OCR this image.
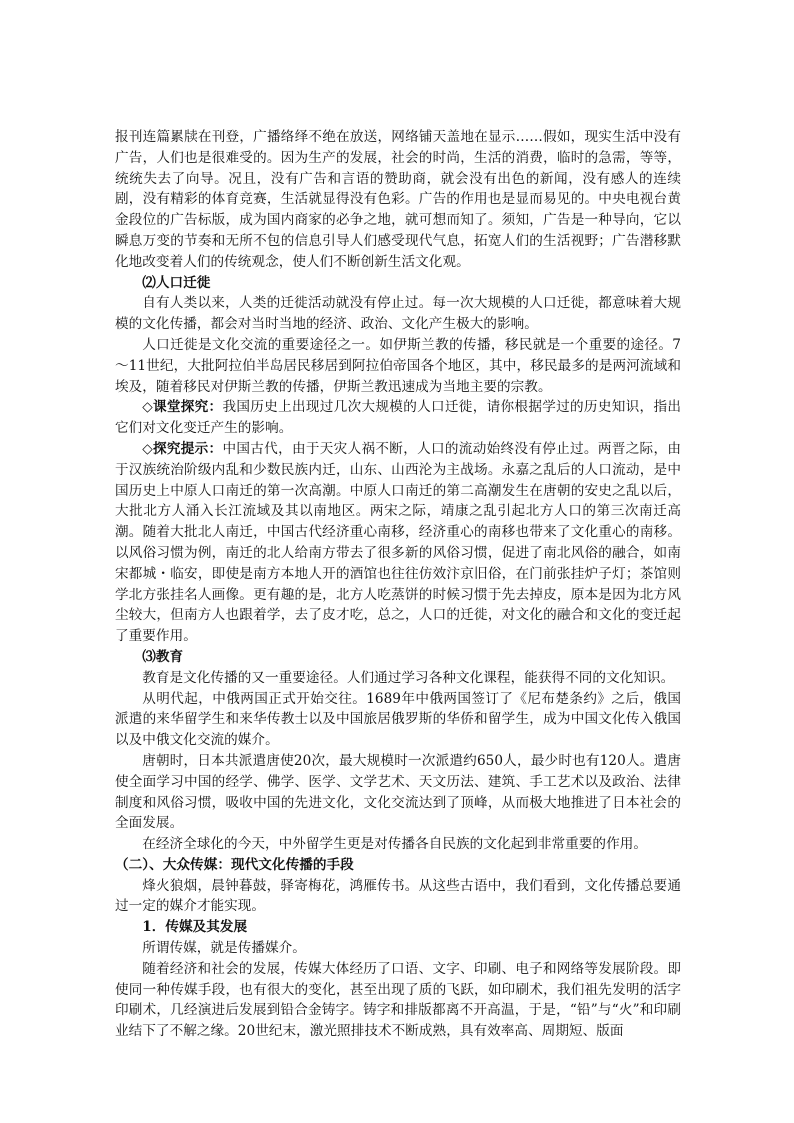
报刊连篇累牍在刊登，广播络绎不绝在放送，网络铺天盖地在显示……假如，现实生活中没有广告，人们也是很难受的。因为生产的发展，社会的时尚，生活的消费，临时的急需，等等，统统失去了向导。况且，没有广告和言语的赞助商，就会没有出色的新闻，没有感人的连续剧，没有精彩的体育竞赛，生活就显得没有色彩。广告的作用也是显而易见的。中央电视台黄金段位的广告标版，成为国内商家的必争之地，就可想而知了。须知，广告是一种导向，它以瞬息万变的节奏和无所不包的信息引导人们感受现代气息，拓宽人们的生活视野；广告潜移默化地改变着人们的传统观念，使人们不断创新生活文化观。

⑵人口迁徙

自有人类以来，人类的迁徙活动就没有停止过。每一次大规模的人口迁徙，都意味着大规模的文化传播，都会对当时当地的经济、政治、文化产生极大的影响。

人口迁徙是文化交流的重要途径之一。如伊斯兰教的传播，移民就是一个重要的途径。7～11世纪，大批阿拉伯半岛居民移居到阿拉伯帝国各个地区，其中，移民最多的是两河流域和埃及，随着移民对伊斯兰教的传播，伊斯兰教迅速成为当地主要的宗教。

◇课堂探究：我国历史上出现过几次大规模的人口迁徙，请你根据学过的历史知识，指出它们对文化变迁产生的影响。

◇探究提示：中国古代，由于天灾人祸不断，人口的流动始终没有停止过。两晋之际，由于汉族统治阶级内乱和少数民族内迁，山东、山西沦为主战场。永嘉之乱后的人口流动，是中国历史上中原人口南迁的第一次高潮。中原人口南迁的第二高潮发生在唐朝的安史之乱以后，大批北方人涌入长江流域及其以南地区。两宋之际，靖康之乱引起北方人口的第三次南迁高潮。随着大批北人南迁，中国古代经济重心南移，经济重心的南移也带来了文化重心的南移。以风俗习惯为例，南迁的北人给南方带去了很多新的风俗习惯，促进了南北风俗的融合，如南宋都城・临安，即使是南方本地人开的酒馆也往往仿效汴京旧俗，在门前张挂炉子灯；茶馆则学北方张挂名人画像。更有趣的是，北方人吃蒸饼的时候习惯于先去掉皮，原本是因为北方风尘较大，但南方人也跟着学，去了皮才吃，总之，人口的迁徙，对文化的融合和文化的变迁起了重要作用。

⑶教育

教育是文化传播的又一重要途径。人们通过学习各种文化课程，能获得不同的文化知识。

从明代起，中俄两国正式开始交往。1689年中俄两国签订了《尼布楚条约》之后，俄国派遣的来华留学生和来华传教士以及中国旅居俄罗斯的华侨和留学生，成为中国文化传入俄国以及中俄文化交流的媒介。

唐朝时，日本共派遣唐使20次，最大规模时一次派遣约650人，最少时也有120人。遣唐使全面学习中国的经学、佛学、医学、文学艺术、天文历法、建筑、手工艺术以及政治、法律制度和风俗习惯，吸收中国的先进文化，文化交流达到了顶峰，从而极大地推进了日本社会的全面发展。

在经济全球化的今天，中外留学生更是对传播各自民族的文化起到非常重要的作用。

（二）、大众传媒：现代文化传播的手段

烽火狼烟，晨钟暮鼓，驿寄梅花，鸿雁传书。从这些古语中，我们看到，文化传播总要通过一定的媒介才能实现。

1．传媒及其发展

所谓传媒，就是传播媒介。

随着经济和社会的发展，传媒大体经历了口语、文字、印刷、电子和网络等发展阶段。即使同一种传媒手段，也有很大的变化，甚至出现了质的飞跃，如印刷术，我们祖先发明的活字印刷术，几经演进后发展到铅合金铸字。铸字和排版都离不开高温，于是，“铅”与“火”和印刷业结下了不解之缘。20世纪末，激光照排技术不断成熟，具有效率高、周期短、版面
